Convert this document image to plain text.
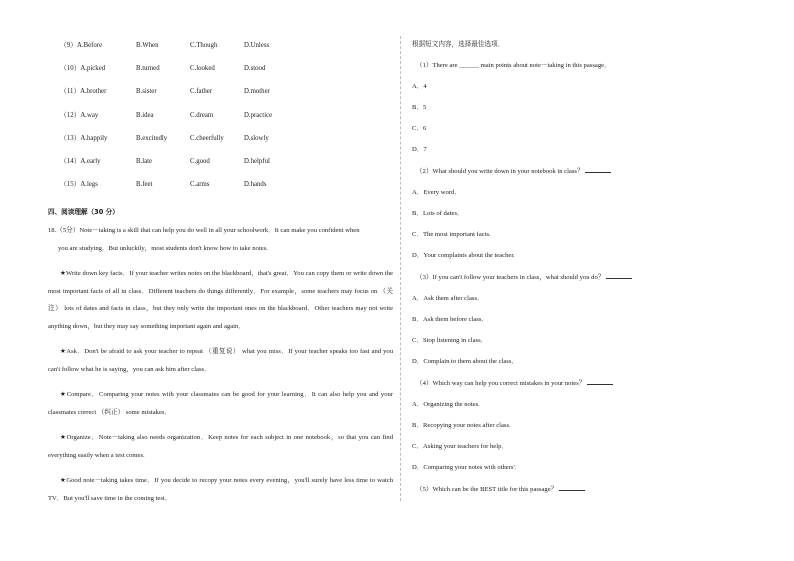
（9）A.Before	B.When	C.Though	D.Unless
（10）A.picked	B.turned	C.looked	D.stood
（11）A.brother	B.sister	C.father	D.mother
（12）A.way	B.idea	C.dream	D.practice
（13）A.happily	B.excitedly	C.cheerfully	D.slowly
（14）A.early	B.late	C.good	D.helpful
（15）A.legs	B.feet	C.arms	D.hands
四、阅读理解（30 分）

18.（5分）Note－taking is a skill that can help you do well in all your schoolwork．It can make you confident when

you are studying．But unluckily，most students don't know how to take notes.

★Write down key facts．If your teacher writes notes on the blackboard，that's great．You can copy them or write down the most important facts of all in class．Different teachers do things differently．For example，some teachers may focus on （关注） lots of dates and facts in class，but they only write the important ones on the blackboard．Other teachers may not write anything down，but they may say something important again and again．

★Ask．Don't be afraid to ask your teacher to repeat （重复说） what you miss．If your teacher speaks too fast and you can't follow what he is saying，you can ask him after class．

★Compare．Comparing your notes with your classmates can be good for your learning．It can also help you and your classmates correct （纠正） some mistakes．

★Organize．Note－taking also needs organization．Keep notes for each subject in one notebook，so that you can find everything easily when a test comes.

★Good note－taking takes time．If you decide to recopy your notes every evening，you'll surely have less time to watch TV．But you'll save time in the coming test．

根据短文内容，选择最佳选项．

（1）There are ______ main points about note－taking in this passage．

A．4

B．5

C．6

D．7

（2）What should you write down in your notebook in class？

A．Every word．

B．Lots of dates．

C．The most important facts.

D．Your complaints about the teacher.

（3）If you can't follow your teachers in class，what should you do？

A．Ask them after class．

B．Ask them before class．

C．Stop listening in class．

D．Complain to them about the class．

（4）Which way can help you correct mistakes in your notes？

A．Organizing the notes.

B．Recopying your notes after class.

C．Asking your teachers for help．

D．Comparing your notes with others'.

（5）Which can be the BEST title for this passage？
